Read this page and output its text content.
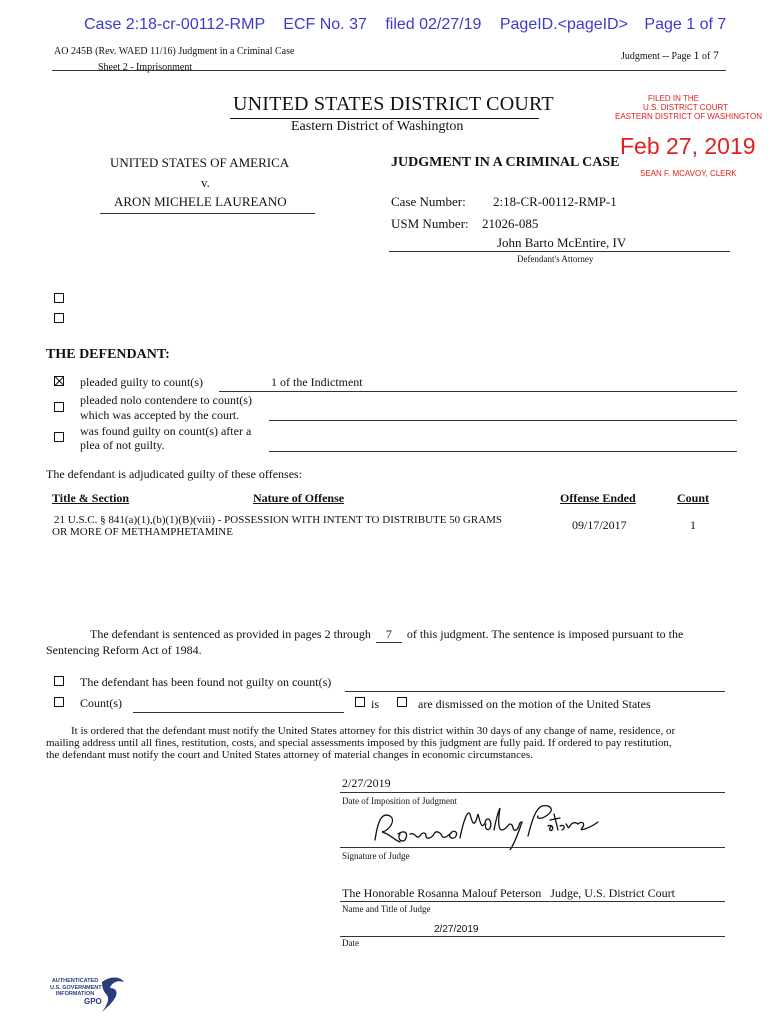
Case 2:18-cr-00112-RMP ECF No. 37 filed 02/27/19 PageID.<pageID> Page 1 of 7
AO 245B (Rev. WAED 11/16) Judgment in a Criminal Case
Sheet 2 - Imprisonment
Judgment -- Page 1 of 7
UNITED STATES DISTRICT COURT
Eastern District of Washington
FILED IN THE
U.S. DISTRICT COURT
EASTERN DISTRICT OF WASHINGTON
Feb 27, 2019
SEAN F. MCAVOY, CLERK
UNITED STATES OF AMERICA
v.
ARON MICHELE LAUREANO
JUDGMENT IN A CRIMINAL CASE
Case Number: 2:18-CR-00112-RMP-1
USM Number: 21026-085
John Barto McEntire, IV
Defendant's Attorney
THE DEFENDANT:
pleaded guilty to count(s)	1 of the Indictment
pleaded nolo contendere to count(s)
which was accepted by the court.
was found guilty on count(s) after a
plea of not guilty.
The defendant is adjudicated guilty of these offenses:
Title & Section	Nature of Offense	Offense Ended	Count
21 U.S.C. § 841(a)(1),(b)(1)(B)(viii) - POSSESSION WITH INTENT TO DISTRIBUTE 50 GRAMS
OR MORE OF METHAMPHETAMINE	09/17/2017	1
The defendant is sentenced as provided in pages 2 through 7 of this judgment. The sentence is imposed pursuant to the
Sentencing Reform Act of 1984.
The defendant has been found not guilty on count(s)
Count(s)	is	are dismissed on the motion of the United States
It is ordered that the defendant must notify the United States attorney for this district within 30 days of any change of name, residence, or
mailing address until all fines, restitution, costs, and special assessments imposed by this judgment are fully paid. If ordered to pay restitution,
the defendant must notify the court and United States attorney of material changes in economic circumstances.
2/27/2019
Date of Imposition of Judgment
Signature of Judge
The Honorable Rosanna Malouf Peterson Judge, U.S. District Court
Name and Title of Judge
2/27/2019
Date
AUTHENTICATED
U.S. GOVERNMENT
INFORMATION
GPO
